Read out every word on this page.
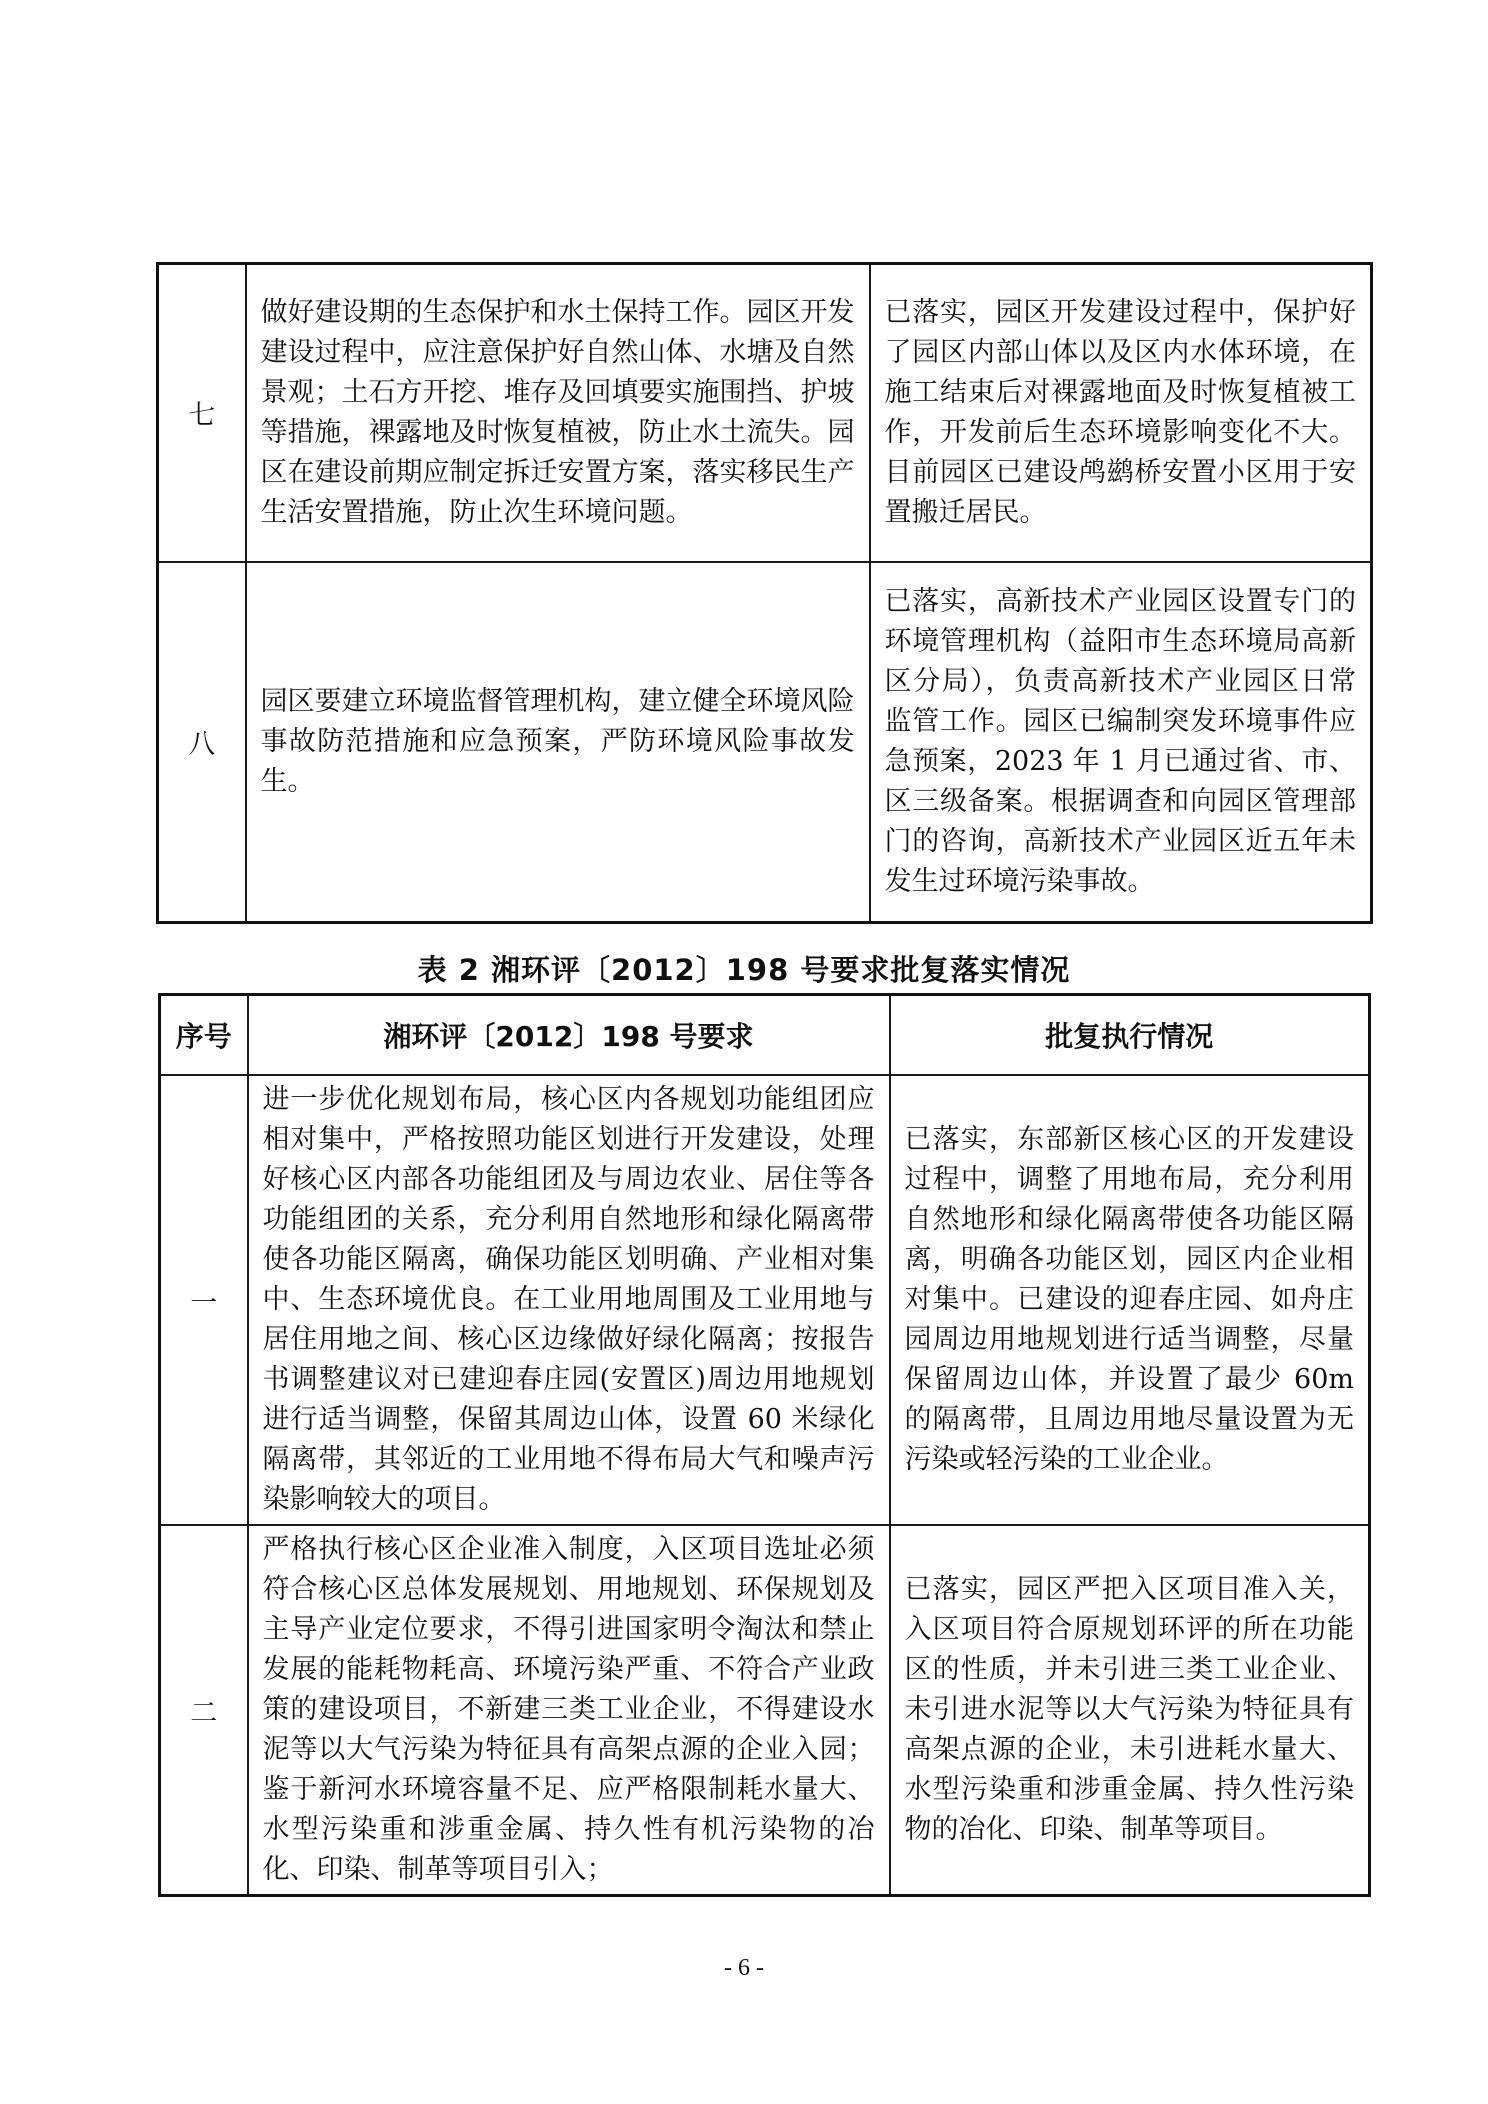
七	做好建设期的生态保护和水土保持工作。园区开发建设过程中，应注意保护好自然山体、水塘及自然景观；土石方开挖、堆存及回填要实施围挡、护坡等措施，裸露地及时恢复植被，防止水土流失。园区在建设前期应制定拆迁安置方案，落实移民生产生活安置措施，防止次生环境问题。	已落实，园区开发建设过程中，保护好了园区内部山体以及区内水体环境，在施工结束后对裸露地面及时恢复植被工作，开发前后生态环境影响变化不大。目前园区已建设鸬鹚桥安置小区用于安置搬迁居民。
八	园区要建立环境监督管理机构，建立健全环境风险事故防范措施和应急预案，严防环境风险事故发生。	已落实，高新技术产业园区设置专门的环境管理机构（益阳市生态环境局高新区分局），负责高新技术产业园区日常监管工作。园区已编制突发环境事件应急预案，2023 年 1 月已通过省、市、区三级备案。根据调查和向园区管理部门的咨询，高新技术产业园区近五年未发生过环境污染事故。
表 2 湘环评〔2012〕198 号要求批复落实情况
序号	湘环评〔2012〕198 号要求	批复执行情况
一	进一步优化规划布局，核心区内各规划功能组团应相对集中，严格按照功能区划进行开发建设，处理好核心区内部各功能组团及与周边农业、居住等各功能组团的关系，充分利用自然地形和绿化隔离带使各功能区隔离，确保功能区划明确、产业相对集中、生态环境优良。在工业用地周围及工业用地与居住用地之间、核心区边缘做好绿化隔离；按报告书调整建议对已建迎春庄园(安置区)周边用地规划进行适当调整，保留其周边山体，设置 60 米绿化隔离带，其邻近的工业用地不得布局大气和噪声污染影响较大的项目。	已落实，东部新区核心区的开发建设过程中，调整了用地布局，充分利用自然地形和绿化隔离带使各功能区隔离，明确各功能区划，园区内企业相对集中。已建设的迎春庄园、如舟庄园周边用地规划进行适当调整，尽量保留周边山体，并设置了最少 60m 的隔离带，且周边用地尽量设置为无污染或轻污染的工业企业。
二	严格执行核心区企业准入制度，入区项目选址必须符合核心区总体发展规划、用地规划、环保规划及主导产业定位要求，不得引进国家明令淘汰和禁止发展的能耗物耗高、环境污染严重、不符合产业政策的建设项目，不新建三类工业企业，不得建设水泥等以大气污染为特征具有高架点源的企业入园；鉴于新河水环境容量不足、应严格限制耗水量大、水型污染重和涉重金属、持久性有机污染物的冶化、印染、制革等项目引入；	已落实，园区严把入区项目准入关，入区项目符合原规划环评的所在功能区的性质，并未引进三类工业企业、未引进水泥等以大气污染为特征具有高架点源的企业，未引进耗水量大、水型污染重和涉重金属、持久性污染物的冶化、印染、制革等项目。
- 6 -
